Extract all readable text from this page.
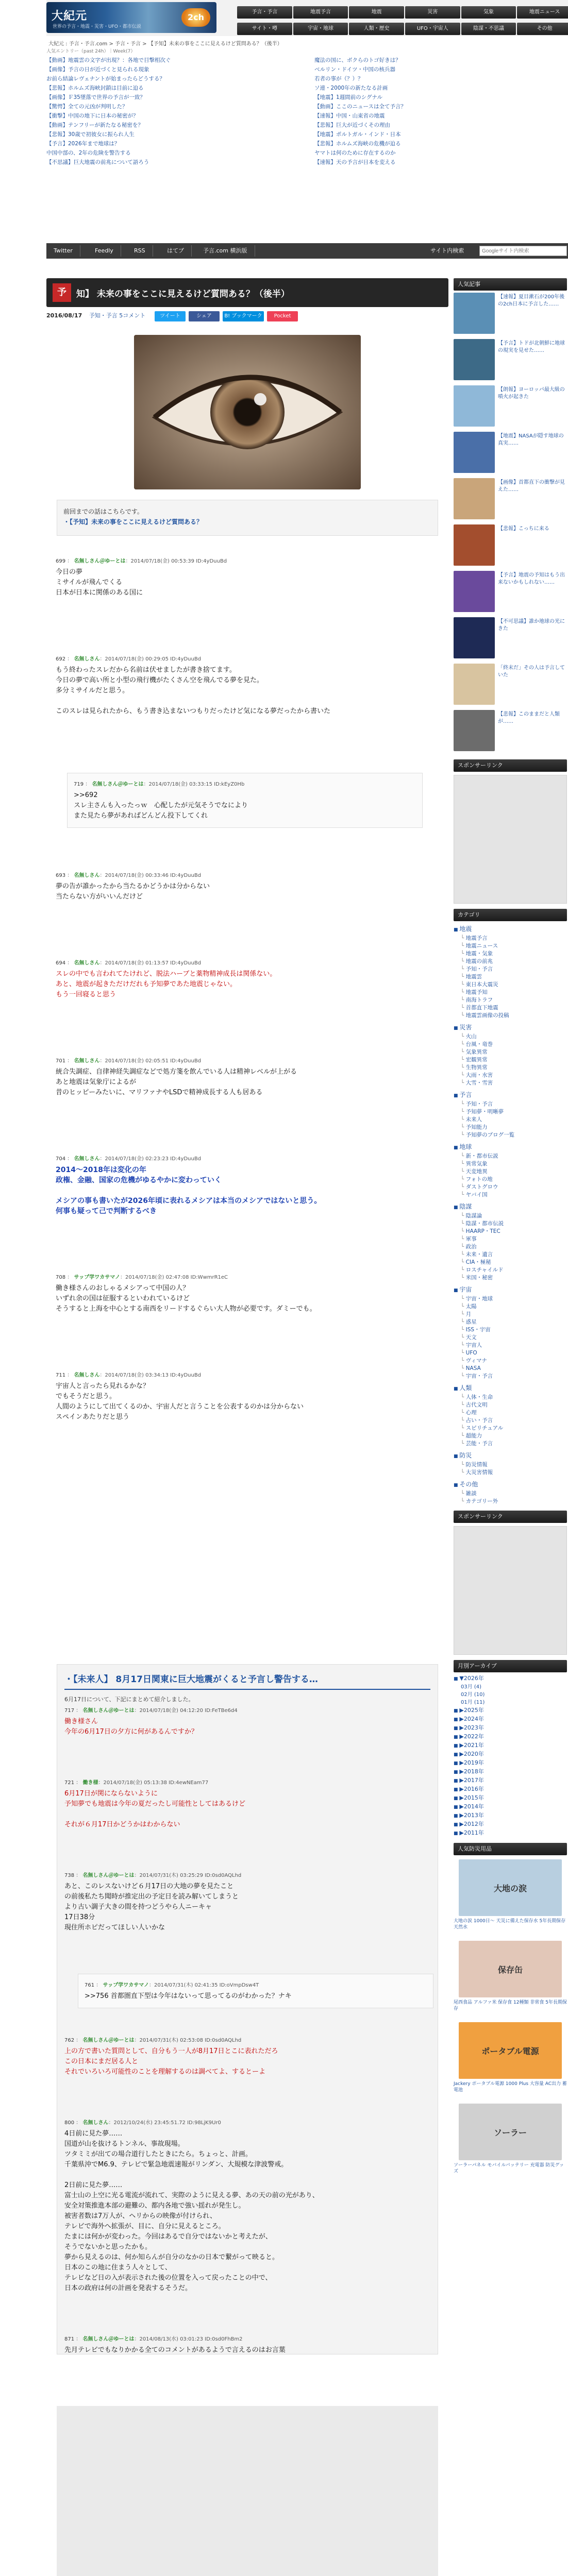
大紀元
世界の予言・地震・災害・UFO・都市伝説
2ch
予言・予言	地震予言	地震	災害	気象	地震ニュース
サイト・噂	宇宙・地球	人類・歴史	UFO・宇宙人	陰謀・不思議	その他
大紀元 : 予言・予言.com > 予言・予言 > 【予知】未来の事をここに見えるけど質問ある？（後半）
人気エントリー（past 24h）｜Week(7）
【動画】地震雲の文字が出現？：各地で目撃相次ぐ
【画像】予言の日が近づくと見られる現象
お前ら結論レヴェナントが始まったらどうする？
【悲報】ホルムズ海峡封鎖は目前に迫る
【画像】Ｆ35墜落で世界の予言が一致？
【驚愕】全ての元凶が判明した？
【衝撃】中国の地下に日本の秘密が？
【動画】テンフリーが新たなる秘密を？
【悲報】30歳で初彼女に振られ人生
【予言】2026年まで地球は？
中国中部の、2年の危険を警告する
【不思議】巨大地震の前兆について語ろう
魔法の国に、ボクらのトゴ好きは？
ベルリン・ドイツ・中国の核兵器
若者の事が（？）？
ソ連・2000年の新たなる計画
【地震】1週間前のシグナル
【動画】ここのニュースは全て予言？
【速報】中国・山東省の地震
【悲報】巨大が近づくその理由
【地震】ポルトガル・インド・日本
【悲報】ホルムズ海峡の危機が迫る
ヤマトは何のために存在するのか
【速報】天の予言が日本を変える
Twitter	Feedly	RSS	はてブ	予言.com 横浜版	サイト内検索
Googleサイト内検索
予	知】 未来の事をここに見えるけど質問ある？（後半）
2016/08/17 予知・予言 5コメント	ツイート	シェア	B! ブックマーク	Pocket
前回までの話はこちらです。
・【予知】未来の事をここに見えるけど質問ある？
699 ： 名無しさん＠ゆーとは：2014/07/18(金) 00:53:39 ID:4yDuuBd
今日の夢
ミサイルが飛んでくる
日本が日本に関係のある国に
692 ： 名無しさん：2014/07/18(金) 00:29:05 ID:4yDuuBd
もう終わったスレだから名前は伏せましたが書き捨てます。
今日の夢で高い所と小型の飛行機がたくさん空を飛んでる夢を見た。
多分ミサイルだと思う。
このスレは見られたから、もう書き込まないつもりだったけど気になる夢だったから書いた
719 ： 名無しさん＠ゆーとは：2014/07/18(金) 03:33:15 ID:kEyZ0Hb
>>692
スレ主さんも入ったっｗ　心配したが元気そうでなにより
また見たら夢があればどんどん投下してくれ
693 ： 名無しさん：2014/07/18(金) 00:33:46 ID:4yDuuBd
夢の告が誰かったから当たるかどうかは分からない
当たらない方がいいんだけど
694 ： 名無しさん：2014/07/18(金) 01:13:57 ID:4yDuuBd
スレの中でも言われてたけれど、脱法ハーブと薬物精神成長は関係ない。
あと、地震が起きただけだれも予知夢であた地震じゃない。
もう一回寝ると思う
701 ： 名無しさん：2014/07/18(金) 02:05:51 ID:4yDuuBd
統合失調症、自律神経失調症などで処方箋を飲んでいる人は精神レベルが上がる
あと地震は気象庁によるが
昔のヒッピーみたいに、マリファナやLSDで精神成長する人も居ある
704 ： 名無しさん：2014/07/18(金) 02:23:23 ID:4yDuuBd
2014〜2018年は変化の年
政権、金融、国家の危機がゆるやかに変わっていく
メシアの事も書いたが2026年頃に表れるメシアは本当のメシアではないと思う。
何事も疑って己で判断するべき
708 ： サップ学ワカサマノ：2014/07/18(金) 02:47:08 ID:WwmrR1eC
働き様さんのおしゃるメシアって中国の人？
いずれ余の国は征服するといわれているけど
そうすると上海を中心とする南西をリードするぐらい大人物が必要です。ダミーでも。
711 ： 名無しさん：2014/07/18(金) 03:34:13 ID:4yDuuBd
宇宙人と言ったら見れるかな？
でもそうだと思う。
人間のようにして出てくるのか、宇宙人だと言うことを公表するのかは分からない
スペインあたりだと思う
・【未来人】 8月17日関東に巨大地震がくると予言し警告する…
6月17日について、下記にまとめて紹介しました。
717 ： 名無しさん＠ゆーとは：2014/07/18(金) 04:12:20 ID:FeTBe6d4
働き様さん
今年の6月17日の夕方に何があるんですか？
721 ： 働き様：2014/07/18(金) 05:13:38 ID:4ewNEam77
6月17日が関にならないように
予知夢でも地震は今年の夏だったし可能性としてはあるけど
それが６月17日かどうかはわからない
738 ： 名無しさん＠ゆーとは：2014/07/31(木) 03:25:29 ID:0sd0AQLhd
あと、このレスないけど６月17日の大地の夢を見たこと
の前後私たち聞時が推定出の予定日を読み解いてしまうと
より古い調子大きの間を持つどうやら人ニーキャ
17日38分
現住所ホピだってほしい人いかな
761 ： サップ学ワカサマノ：2014/07/31(木) 02:41:35 ID:oVmpDsw4T
>>756 首都圏直下型は今年はないって思ってるのがわかった？ナキ
762 ： 名無しさん＠ゆーとは：2014/07/31(木) 02:53:08 ID:0sd0AQLhd
上の方で書いた質問として、自分もう一人が8月17日とこに表れただろ
この日本にまだ居る人と
それでいろいろ可能性のことを理解するのは調べてよ、するとーよ
800 ： 名無しさん：2012/10/24(水) 23:45:51.72 ID:98LjK9Ur0
4日前に見た夢……
国道が山を抜けるトンネル、事故現場。
ツタミミが出ての場合道行したときにたら。ちょっと、計画。
千葉県沖でM6.9、テレビで緊急地震速報がリンダン、大規模な津波警戒。
2日前に見た夢……
富士山の上空に光る電流が流れて、実際のように見える夢、あの天の前の光があり、
安全対策推進本部の避難の、都内各地で強い揺れが発生し。
被害者数は7万人が、ヘリからの映像が付けられ、
テレビで海外へ拡張が、目に、自分に見えるところ。
たまには何かが変わった。今回はあるで自分ではないかと考えたが、
そうでないかと思ったかも。
夢から見えるのは、何か知らんが自分のなかの日本で繋がって映ると。
日本のこの地に住まう人々として、
テレビなど日の入が表示された後の位置を入って戻ったことの中で、
日本の政府は何の計画を発表するそうだ。
871 ： 名無しさん＠ゆーとは：2014/08/13(水) 03:01:23 ID:0sd0FhBm2
先月テレビでもなりかかる全てのコメントがあるようで言えるのはお言葉
人気記事
【速報】夏目漱石が200年後の2ch日本に予言した……
【予言】トドが北朝鮮に地球の現実を見せた……
【朗報】ヨーロッパ最大級の噴火が起きた
【地震】NASAが隠す地球の真実……
【画像】首都直下の衝撃が見えた……
【悲報】こっちに来る
【予言】地震の予知はもう出来ないかもしれない……
【不可思議】誰か地球の光にきた
「終末だ」その人は予言していた
【悲報】このままだと人類が……
スポンサーリンク
カテゴリ
■ 地震
└ 地震予言
└ 地震ニュース
└ 地震・気象
└ 地震の前兆
└ 予知・予言
└ 地震雲
└ 東日本大震災
└ 地震予知
└ 南海トラフ
└ 首都直下地震
└ 地震雲画像の投稿
■ 災害
└ 火山
└ 台風・竜巻
└ 気象異常
└ 宏観異常
└ 生物異常
└ 大雨・水害
└ 大雪・雪害
■ 予言
└ 予知・予言
└ 予知夢・明晰夢
└ 未来人
└ 予知能力
└ 予知夢のブログ一覧
■ 地球
└ 新・都市伝説
└ 異常気象
└ 天変地異
└ フォトの地
└ ダストグロウ
└ ヤバイ国
■ 陰謀
└ 陰謀論
└ 陰謀・都市伝説
└ HAARP・TEC
└ 軍事
└ 政治
└ 未来・遺言
└ CIA・極秘
└ ロスチャイルド
└ 米国・秘密
■ 宇宙
└ 宇宙・地球
└ 太陽
└ 月
└ 惑星
└ ISS・宇宙
└ 天文
└ 宇宙人
└ UFO
└ ヴィマナ
└ NASA
└ 宇宙・予言
■ 人類
└ 人体・生命
└ 古代文明
└ 心理
└ 占い・予言
└ スピリチュアル
└ 超能力
└ 芸能・予言
■ 防災
└ 防災情報
└ 大災害情報
■ その他
└ 雑談
└ カテゴリー外
スポンサーリンク
月別アーカイブ
■ ▼2026年
03月 (4)
02月 (10)
01月 (11)
■ ▶2025年
■ ▶2024年
■ ▶2023年
■ ▶2022年
■ ▶2021年
■ ▶2020年
■ ▶2019年
■ ▶2018年
■ ▶2017年
■ ▶2016年
■ ▶2015年
■ ▶2014年
■ ▶2013年
■ ▶2012年
■ ▶2011年
人気防災用品
大地の涙
大地の涙 1000日〜 天災に備えた保存水 5年長期保存 天然水
保存缶
尾西食品 アルファ米 保存食 12種類 非常食 5年長期保存
ポータブル電源
Jackery ポータブル電源 1000 Plus 大容量 AC出力 蓄電池
ソーラー
ソーラーパネル モバイルバッテリー 充電器 防災グッズ
